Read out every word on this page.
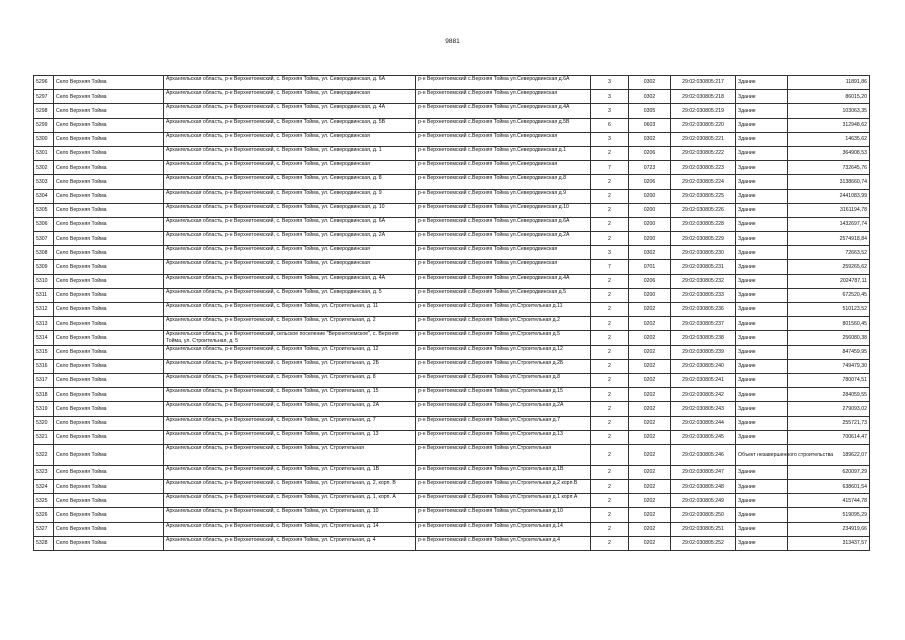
9881
5296	Село Верхняя Тойма	Архангельская область, р-н Верхнетоемский, с. Верхняя Тойма, ул. Северодвинская, д. 6А	р-н Верхнетоемский с.Верхняя Тойма ул.Северодвинская д.6А	3	0302	29:02:030805:217	Здание	11891,86
5297	Село Верхняя Тойма	Архангельская область, р-н Верхнетоемский, с. Верхняя Тойма, ул. Северодвинская	р-н Верхнетоемский с.Верхняя Тойма ул.Северодвинская	3	0302	29:02:030805:218	Здание	86015,20
5298	Село Верхняя Тойма	Архангельская область, р-н Верхнетоемский, с. Верхняя Тойма, ул. Северодвинская, д. 4А	р-н Верхнетоемский с.Верхняя Тойма ул.Северодвинская д.4А	3	0305	29:02:030805:219	Здание	103063,35
5299	Село Верхняя Тойма	Архангельская область, р-н Верхнетоемский, с. Верхняя Тойма, ул. Северодвинская, д. 5В	р-н Верхнетоемский с.Верхняя Тойма ул.Северодвинская д.5В	6	0603	29:02:030805:220	Здание	312948,62
5300	Село Верхняя Тойма	Архангельская область, р-н Верхнетоемский, с. Верхняя Тойма, ул. Северодвинская	р-н Верхнетоемский с.Верхняя Тойма ул.Северодвинская	3	0302	29:02:030805:221	Здание	14635,62
5301	Село Верхняя Тойма	Архангельская область, р-н Верхнетоемский, с. Верхняя Тойма, ул. Северодвинская, д. 1	р-н Верхнетоемский с.Верхняя Тойма ул.Северодвинская д.1	2	0206	29:02:030805:222	Здание	364908,53
5302	Село Верхняя Тойма	Архангельская область, р-н Верхнетоемский, с. Верхняя Тойма, ул. Северодвинская	р-н Верхнетоемский с.Верхняя Тойма ул.Северодвинская	7	0723	29:02:030805:223	Здание	732645,76
5303	Село Верхняя Тойма	Архангельская область, р-н Верхнетоемский, с. Верхняя Тойма, ул. Северодвинская, д. 8	р-н Верхнетоемский с.Верхняя Тойма ул.Северодвинская д.8	2	0206	29:02:030805:224	Здание	3138660,74
5304	Село Верхняя Тойма	Архангельская область, р-н Верхнетоемский, с. Верхняя Тойма, ул. Северодвинская, д. 9	р-н Верхнетоемский с.Верхняя Тойма ул.Северодвинская д.9	2	0200	29:02:030805:225	Здание	2441083,99
5305	Село Верхняя Тойма	Архангельская область, р-н Верхнетоемский, с. Верхняя Тойма, ул. Северодвинская, д. 10	р-н Верхнетоемский с.Верхняя Тойма ул.Северодвинская д.10	2	0200	29:02:030805:226	Здание	3161194,78
5306	Село Верхняя Тойма	Архангельская область, р-н Верхнетоемский, с. Верхняя Тойма, ул. Северодвинская, д. 6А	р-н Верхнетоемский с.Верхняя Тойма ул.Северодвинская д.6А	2	0200	29:02:030805:228	Здание	1432697,74
5307	Село Верхняя Тойма	Архангельская область, р-н Верхнетоемский, с. Верхняя Тойма, ул. Северодвинская, д. 2А	р-н Верхнетоемский с.Верхняя Тойма ул.Северодвинская д.2А	2	0200	29:02:030805:229	Здание	2574918,84
5308	Село Верхняя Тойма	Архангельская область, р-н Верхнетоемский, с. Верхняя Тойма, ул. Северодвинская	р-н Верхнетоемский с.Верхняя Тойма ул.Северодвинская	3	0302	29:02:030805:230	Здание	72663,52
5309	Село Верхняя Тойма	Архангельская область, р-н Верхнетоемский, с. Верхняя Тойма, ул. Северодвинская	р-н Верхнетоемский с.Верхняя Тойма ул.Северодвинская	7	0701	29:02:030805:231	Здание	259265,62
5310	Село Верхняя Тойма	Архангельская область, р-н Верхнетоемский, с. Верхняя Тойма, ул. Северодвинская, д. 4А	р-н Верхнетоемский с.Верхняя Тойма ул.Северодвинская д.4А	2	0206	29:02:030805:232	Здание	2024787,11
5311	Село Верхняя Тойма	Архангельская область, р-н Верхнетоемский, с. Верхняя Тойма, ул. Северодвинская, д. 5	р-н Верхнетоемский с.Верхняя Тойма ул.Северодвинская д.5	2	0200	29:02:030805:233	Здание	672520,45
5312	Село Верхняя Тойма	Архангельская область, р-н Верхнетоемский, с. Верхняя Тойма, ул. Строительная, д. 11	р-н Верхнетоемский с.Верхняя Тойма ул.Строительная д.11	2	0202	29:02:030805:236	Здание	510123,52
5313	Село Верхняя Тойма	Архангельская область, р-н Верхнетоемский, с. Верхняя Тойма, ул. Строительная, д. 2	р-н Верхнетоемский с.Верхняя Тойма ул.Строительная д.2	2	0202	29:02:030805:237	Здание	801560,45
5314	Село Верхняя Тойма	Архангельская область, р-н Верхнетоемский, сельское поселение "Верхнетоемское", с. Верхняя Тойма, ул. Строительная, д. 5	р-н Верхнетоемский с.Верхняя Тойма ул.Строительная д.5	2	0202	29:02:030805:238	Здание	256080,38
5315	Село Верхняя Тойма	Архангельская область, р-н Верхнетоемский, с. Верхняя Тойма, ул. Строительная, д. 12	р-н Верхнетоемский с.Верхняя Тойма ул.Строительная д.12	2	0202	29:02:030805:239	Здание	847459,95
5316	Село Верхняя Тойма	Архангельская область, р-н Верхнетоемский, с. Верхняя Тойма, ул. Строительная, д. 2Б	р-н Верхнетоемский с.Верхняя Тойма ул.Строительная д.2Б	2	0202	29:02:030805:240	Здание	749479,30
5317	Село Верхняя Тойма	Архангельская область, р-н Верхнетоемский, с. Верхняя Тойма, ул. Строительная, д. 8	р-н Верхнетоемский с.Верхняя Тойма ул.Строительная д.8	2	0202	29:02:030805:241	Здание	780074,51
5318	Село Верхняя Тойма	Архангельская область, р-н Верхнетоемский, с. Верхняя Тойма, ул. Строительная, д. 15	р-н Верхнетоемский с.Верхняя Тойма ул.Строительная д.15	2	0202	29:02:030805:242	Здание	284059,55
5319	Село Верхняя Тойма	Архангельская область, р-н Верхнетоемский, с. Верхняя Тойма, ул. Строительная, д. 2А	р-н Верхнетоемский с.Верхняя Тойма ул.Строительная д.2А	2	0202	29:02:030805:243	Здание	279093,02
5320	Село Верхняя Тойма	Архангельская область, р-н Верхнетоемский, с. Верхняя Тойма, ул. Строительная, д. 7	р-н Верхнетоемский с.Верхняя Тойма ул.Строительная д.7	2	0202	29:02:030805:244	Здание	255721,73
5321	Село Верхняя Тойма	Архангельская область, р-н Верхнетоемский, с. Верхняя Тойма, ул. Строительная, д. 13	р-н Верхнетоемский с.Верхняя Тойма ул.Строительная д.13	2	0202	29:02:030805:245	Здание	700614,47
5322	Село Верхняя Тойма	Архангельская область, р-н Верхнетоемский, с. Верхняя Тойма, ул. Строительная	р-н Верхнетоемский с.Верхняя Тойма ул.Строительная	2	0202	29:02:030805:246	Объект незавершенного строительства	189622,07
5323	Село Верхняя Тойма	Архангельская область, р-н Верхнетоемский, с. Верхняя Тойма, ул. Строительная, д. 1В	р-н Верхнетоемский с.Верхняя Тойма ул.Строительная д.1В	2	0202	29:02:030805:247	Здание	620097,29
5324	Село Верхняя Тойма	Архангельская область, р-н Верхнетоемский, с. Верхняя Тойма, ул. Строительная, д. 2, корп. В	р-н Верхнетоемский с.Верхняя Тойма ул.Строительная д.2 корп.В	2	0202	29:02:030805:248	Здание	638601,54
5325	Село Верхняя Тойма	Архангельская область, р-н Верхнетоемский, с. Верхняя Тойма, ул. Строительная, д. 1, корп. А	р-н Верхнетоемский с.Верхняя Тойма ул.Строительная д.1 корп.А	2	0202	29:02:030805:249	Здание	415744,78
5326	Село Верхняя Тойма	Архангельская область, р-н Верхнетоемский, с. Верхняя Тойма, ул. Строительная, д. 10	р-н Верхнетоемский с.Верхняя Тойма ул.Строительная д.10	2	0202	29:02:030805:250	Здание	519095,29
5327	Село Верхняя Тойма	Архангельская область, р-н Верхнетоемский, с. Верхняя Тойма, ул. Строительная, д. 14	р-н Верхнетоемский с.Верхняя Тойма ул.Строительная д.14	2	0202	29:02:030805:251	Здание	234919,66
5328	Село Верхняя Тойма	Архангельская область, р-н Верхнетоемский, с. Верхняя Тойма, ул. Строительная, д. 4	р-н Верхнетоемский с.Верхняя Тойма ул.Строительная д.4	2	0202	29:02:030805:252	Здание	313437,57
